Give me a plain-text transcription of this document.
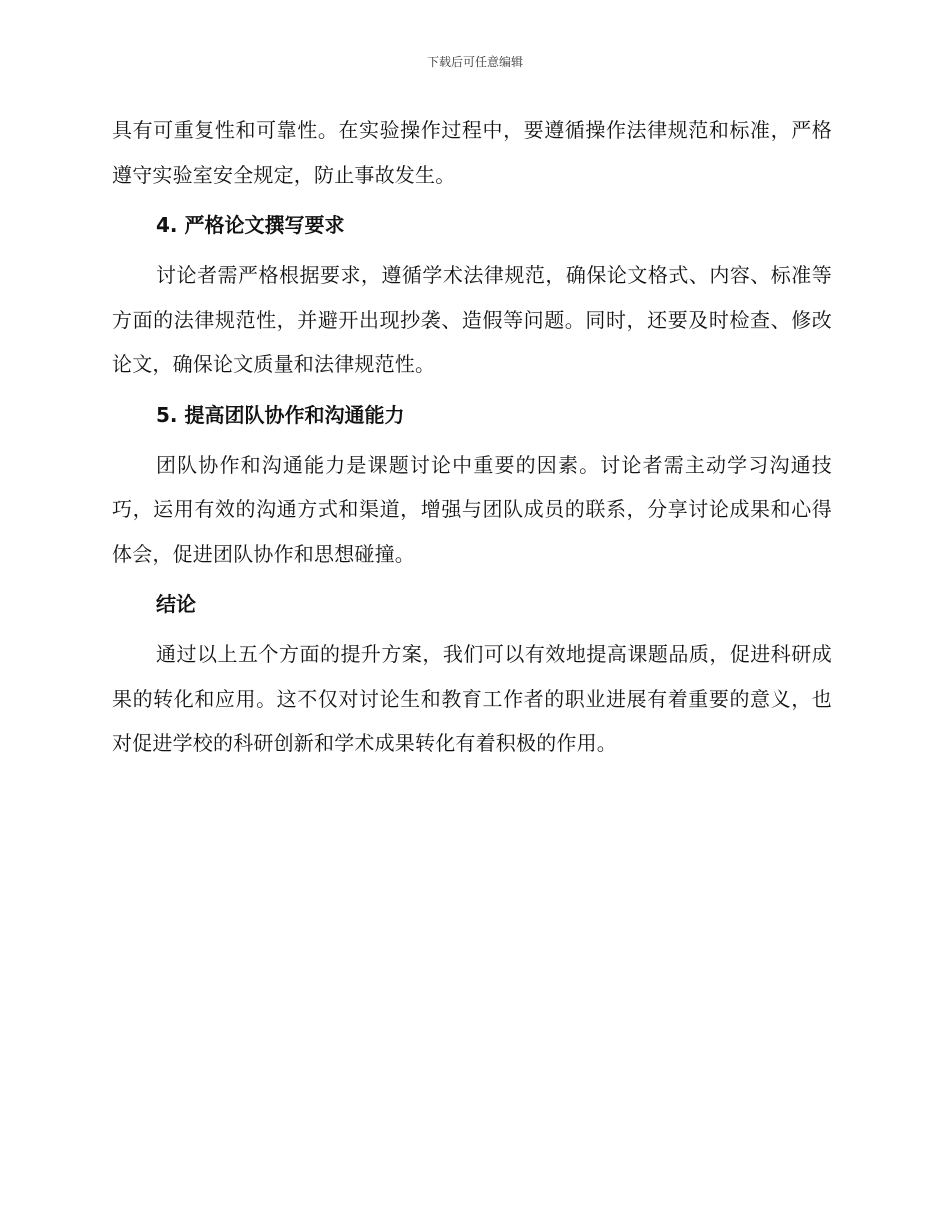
下载后可任意编辑

具有可重复性和可靠性。在实验操作过程中，要遵循操作法律规范和标准，严格遵守实验室安全规定，防止事故发生。

4. 严格论文撰写要求

讨论者需严格根据要求，遵循学术法律规范，确保论文格式、内容、标准等方面的法律规范性，并避开出现抄袭、造假等问题。同时，还要及时检查、修改论文，确保论文质量和法律规范性。

5. 提高团队协作和沟通能力

团队协作和沟通能力是课题讨论中重要的因素。讨论者需主动学习沟通技巧，运用有效的沟通方式和渠道，增强与团队成员的联系，分享讨论成果和心得体会，促进团队协作和思想碰撞。

结论

通过以上五个方面的提升方案，我们可以有效地提高课题品质，促进科研成果的转化和应用。这不仅对讨论生和教育工作者的职业进展有着重要的意义，也对促进学校的科研创新和学术成果转化有着积极的作用。
